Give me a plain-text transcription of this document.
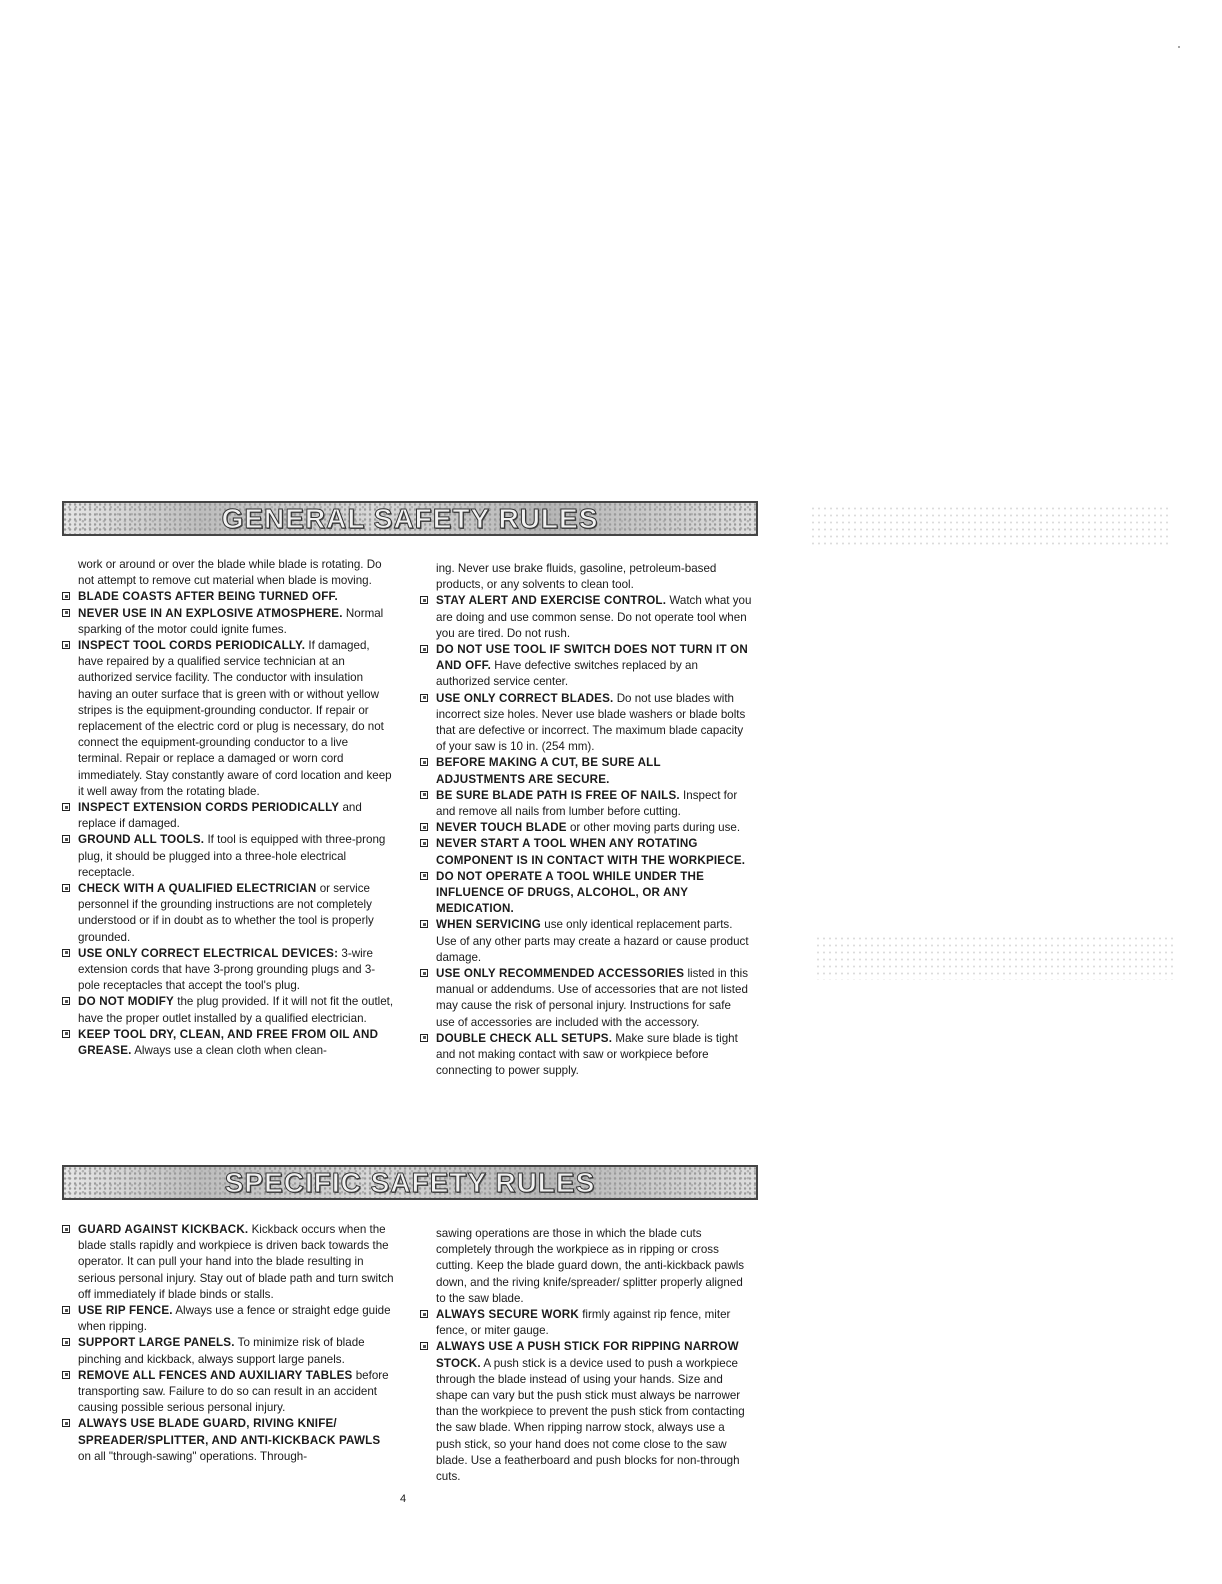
GENERAL SAFETY RULES
work or around or over the blade while blade is rotating. Do not attempt to remove cut material when blade is moving.
BLADE COASTS AFTER BEING TURNED OFF.
NEVER USE IN AN EXPLOSIVE ATMOSPHERE. Normal sparking of the motor could ignite fumes.
INSPECT TOOL CORDS PERIODICALLY. If damaged, have repaired by a qualified service technician at an authorized service facility. The conductor with insulation having an outer surface that is green with or without yellow stripes is the equipment-grounding conductor. If repair or replacement of the electric cord or plug is necessary, do not connect the equipment-grounding conductor to a live terminal. Repair or replace a damaged or worn cord immediately. Stay constantly aware of cord location and keep it well away from the rotating blade.
INSPECT EXTENSION CORDS PERIODICALLY and replace if damaged.
GROUND ALL TOOLS. If tool is equipped with three-prong plug, it should be plugged into a three-hole electrical receptacle.
CHECK WITH A QUALIFIED ELECTRICIAN or service personnel if the grounding instructions are not completely understood or if in doubt as to whether the tool is properly grounded.
USE ONLY CORRECT ELECTRICAL DEVICES: 3-wire extension cords that have 3-prong grounding plugs and 3-pole receptacles that accept the tool's plug.
DO NOT MODIFY the plug provided. If it will not fit the outlet, have the proper outlet installed by a qualified electrician.
KEEP TOOL DRY, CLEAN, AND FREE FROM OIL AND GREASE. Always use a clean cloth when clean-
ing. Never use brake fluids, gasoline, petroleum-based products, or any solvents to clean tool.
STAY ALERT AND EXERCISE CONTROL. Watch what you are doing and use common sense. Do not operate tool when you are tired. Do not rush.
DO NOT USE TOOL IF SWITCH DOES NOT TURN IT ON AND OFF. Have defective switches replaced by an authorized service center.
USE ONLY CORRECT BLADES. Do not use blades with incorrect size holes. Never use blade washers or blade bolts that are defective or incorrect. The maximum blade capacity of your saw is 10 in. (254 mm).
BEFORE MAKING A CUT, BE SURE ALL ADJUSTMENTS ARE SECURE.
BE SURE BLADE PATH IS FREE OF NAILS. Inspect for and remove all nails from lumber before cutting.
NEVER TOUCH BLADE or other moving parts during use.
NEVER START A TOOL WHEN ANY ROTATING COMPONENT IS IN CONTACT WITH THE WORKPIECE.
DO NOT OPERATE A TOOL WHILE UNDER THE INFLUENCE OF DRUGS, ALCOHOL, OR ANY MEDICATION.
WHEN SERVICING use only identical replacement parts. Use of any other parts may create a hazard or cause product damage.
USE ONLY RECOMMENDED ACCESSORIES listed in this manual or addendums. Use of accessories that are not listed may cause the risk of personal injury. Instructions for safe use of accessories are included with the accessory.
DOUBLE CHECK ALL SETUPS. Make sure blade is tight and not making contact with saw or workpiece before connecting to power supply.
SPECIFIC SAFETY RULES
GUARD AGAINST KICKBACK. Kickback occurs when the blade stalls rapidly and workpiece is driven back towards the operator. It can pull your hand into the blade resulting in serious personal injury. Stay out of blade path and turn switch off immediately if blade binds or stalls.
USE RIP FENCE. Always use a fence or straight edge guide when ripping.
SUPPORT LARGE PANELS. To minimize risk of blade pinching and kickback, always support large panels.
REMOVE ALL FENCES AND AUXILIARY TABLES before transporting saw. Failure to do so can result in an accident causing possible serious personal injury.
ALWAYS USE BLADE GUARD, RIVING KNIFE/ SPREADER/SPLITTER, AND ANTI-KICKBACK PAWLS on all "through-sawing" operations. Through-
sawing operations are those in which the blade cuts completely through the workpiece as in ripping or cross cutting. Keep the blade guard down, the anti-kickback pawls down, and the riving knife/spreader/ splitter properly aligned to the saw blade.
ALWAYS SECURE WORK firmly against rip fence, miter fence, or miter gauge.
ALWAYS USE A PUSH STICK FOR RIPPING NARROW STOCK. A push stick is a device used to push a workpiece through the blade instead of using your hands. Size and shape can vary but the push stick must always be narrower than the workpiece to prevent the push stick from contacting the saw blade. When ripping narrow stock, always use a push stick, so your hand does not come close to the saw blade. Use a featherboard and push blocks for non-through cuts.
4
